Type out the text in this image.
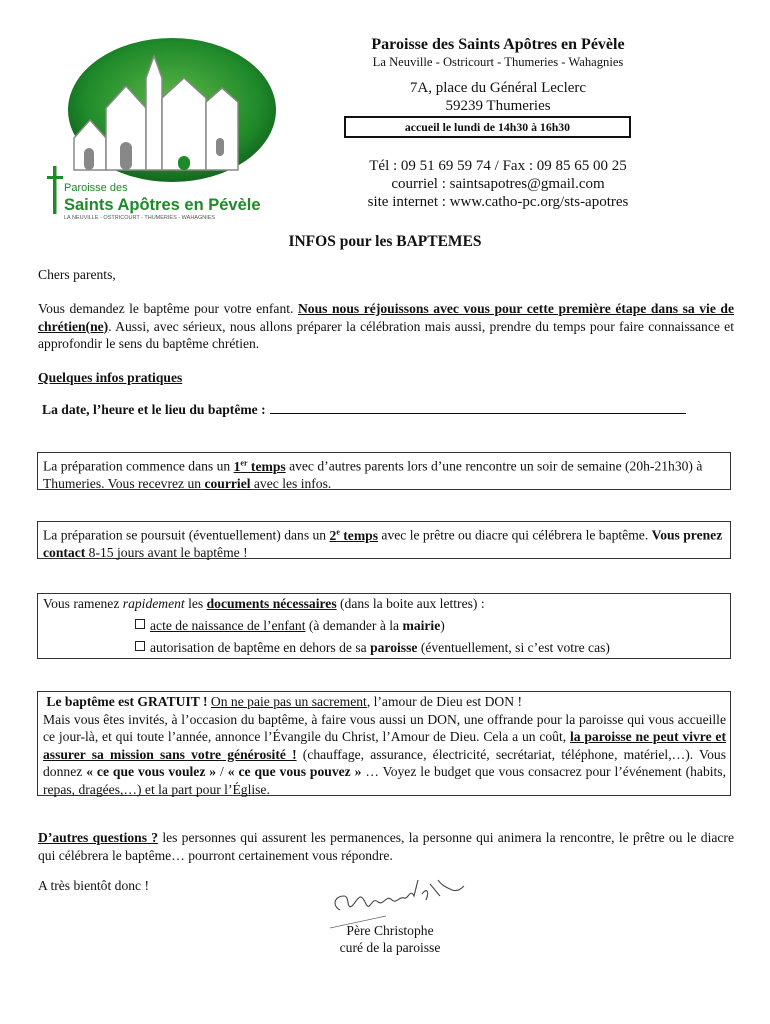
Paroisse des
Saints Apôtres en Pévèle
LA NEUVILLE - OSTRICOURT - THUMERIES - WAHAGNIES
Paroisse des Saints Apôtres en Pévèle
La Neuville - Ostricourt - Thumeries - Wahagnies
7A, place du Général Leclerc
59239 Thumeries
accueil le lundi de 14h30 à 16h30
Tél : 09 51 69 59 74 / Fax : 09 85 65 00 25
courriel : saintsapotres@gmail.com
site internet : www.catho-pc.org/sts-apotres
INFOS pour les BAPTEMES
Chers parents,
Vous demandez le baptême pour votre enfant. Nous nous réjouissons avec vous pour cette première étape dans sa vie de chrétien(ne). Aussi, avec sérieux, nous allons préparer la célébration mais aussi, prendre du temps pour faire connaissance et approfondir le sens du baptême chrétien.
Quelques infos pratiques
La date, l’heure et le lieu du baptême :
La préparation commence dans un 1er temps avec d’autres parents lors d’une rencontre un soir de semaine (20h-21h30) à Thumeries. Vous recevrez un courriel avec les infos.
La préparation se poursuit (éventuellement) dans un 2e temps avec le prêtre ou diacre qui célébrera le baptême. Vous prenez contact 8-15 jours avant le baptême !
Vous ramenez rapidement les documents nécessaires (dans la boite aux lettres) :
acte de naissance de l’enfant (à demander à la mairie)
autorisation de baptême en dehors de sa paroisse (éventuellement, si c’est votre cas)
Le baptême est GRATUIT ! On ne paie pas un sacrement, l’amour de Dieu est DON !
Mais vous êtes invités, à l’occasion du baptême, à faire vous aussi un DON, une offrande pour la paroisse qui vous accueille ce jour-là, et qui toute l’année, annonce l’Évangile du Christ, l’Amour de Dieu. Cela a un coût, la paroisse ne peut vivre et assurer sa mission sans votre générosité ! (chauffage, assurance, électricité, secrétariat, téléphone, matériel,…). Vous donnez « ce que vous voulez » / « ce que vous pouvez » … Voyez le budget que vous consacrez pour l’événement (habits, repas, dragées,…) et la part pour l’Église.
D’autres questions ? les personnes qui assurent les permanences, la personne qui animera la rencontre, le prêtre ou le diacre qui célébrera le baptême… pourront certainement vous répondre.
A très bientôt donc !
Père Christophe
curé de la paroisse
